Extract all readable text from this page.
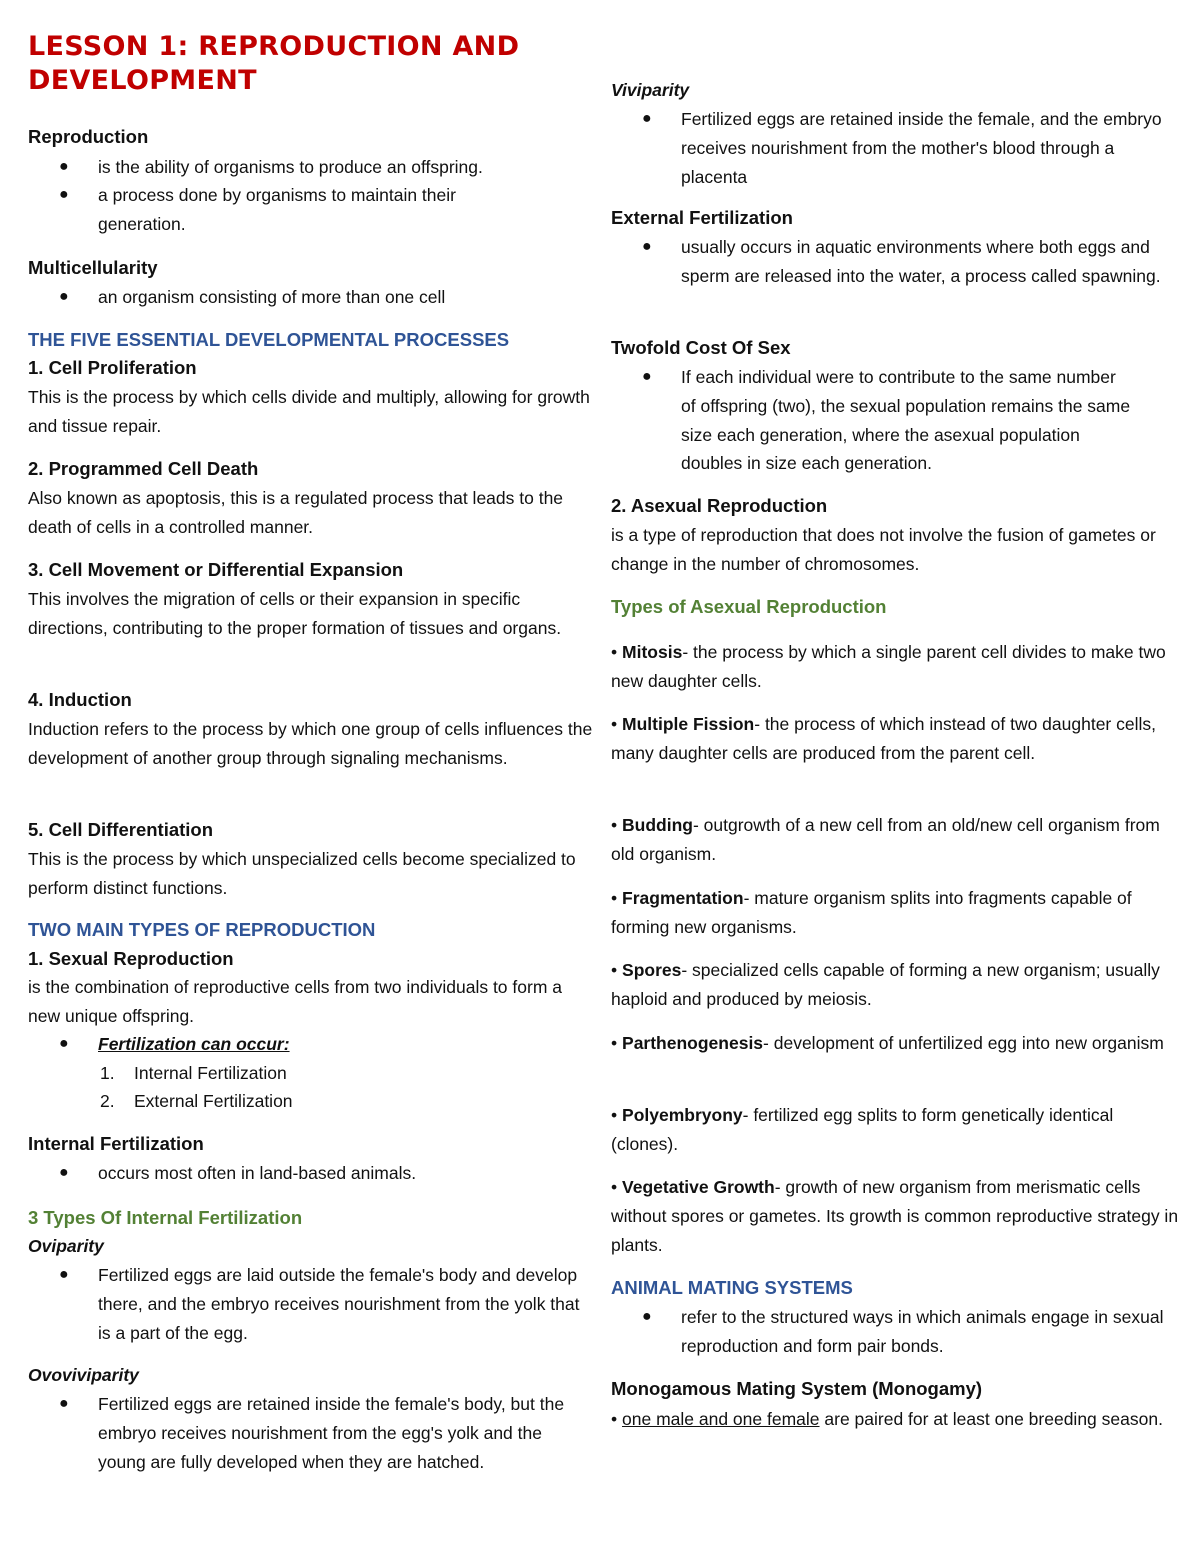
LESSON 1: REPRODUCTION AND DEVELOPMENT

Reproduction

● is the ability of organisms to produce an offspring.
● a process done by organisms to maintain their generation.

Multicellularity

● an organism consisting of more than one cell

THE FIVE ESSENTIAL DEVELOPMENTAL PROCESSES

1. Cell Proliferation

This is the process by which cells divide and multiply, allowing for growth and tissue repair.

2. Programmed Cell Death

Also known as apoptosis, this is a regulated process that leads to the death of cells in a controlled manner.

3. Cell Movement or Differential Expansion

This involves the migration of cells or their expansion in specific directions, contributing to the proper formation of tissues and organs.

4. Induction

Induction refers to the process by which one group of cells influences the development of another group through signaling mechanisms.

5. Cell Differentiation

This is the process by which unspecialized cells become specialized to perform distinct functions.

TWO MAIN TYPES OF REPRODUCTION

1. Sexual Reproduction

is the combination of reproductive cells from two individuals to form a new unique offspring.

● Fertilization can occur:
1. Internal Fertilization
2. External Fertilization

Internal Fertilization

● occurs most often in land-based animals.

3 Types Of Internal Fertilization

Oviparity

● Fertilized eggs are laid outside the female's body and develop there, and the embryo receives nourishment from the yolk that is a part of the egg.

Ovoviviparity

● Fertilized eggs are retained inside the female's body, but the embryo receives nourishment from the egg's yolk and the young are fully developed when they are hatched.

Viviparity

● Fertilized eggs are retained inside the female, and the embryo receives nourishment from the mother's blood through a placenta

External Fertilization

● usually occurs in aquatic environments where both eggs and sperm are released into the water, a process called spawning.

Twofold Cost Of Sex

● If each individual were to contribute to the same number of offspring (two), the sexual population remains the same size each generation, where the asexual population doubles in size each generation.

2. Asexual Reproduction

is a type of reproduction that does not involve the fusion of gametes or change in the number of chromosomes.

Types of Asexual Reproduction

• Mitosis- the process by which a single parent cell divides to make two new daughter cells.

• Multiple Fission- the process of which instead of two daughter cells, many daughter cells are produced from the parent cell.

• Budding- outgrowth of a new cell from an old/new cell organism from old organism.

• Fragmentation- mature organism splits into fragments capable of forming new organisms.

• Spores- specialized cells capable of forming a new organism; usually haploid and produced by meiosis.

• Parthenogenesis- development of unfertilized egg into new organism

• Polyembryony- fertilized egg splits to form genetically identical (clones).

• Vegetative Growth- growth of new organism from merismatic cells without spores or gametes. Its growth is common reproductive strategy in plants.

ANIMAL MATING SYSTEMS

● refer to the structured ways in which animals engage in sexual reproduction and form pair bonds.

Monogamous Mating System (Monogamy)

• one male and one female are paired for at least one breeding season.
